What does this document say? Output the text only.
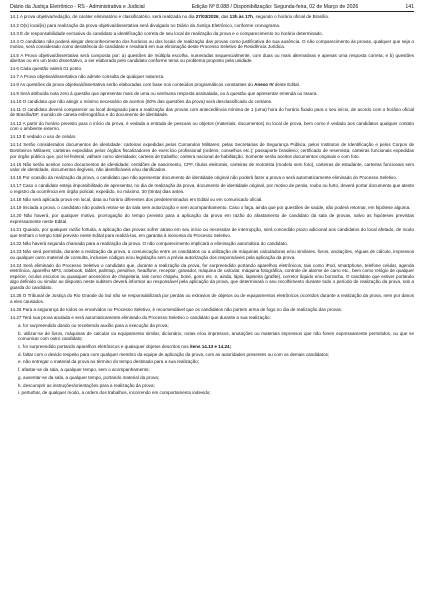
Diário da Justiça Eletrônico - RS - Administrativa e Judicial	Edição Nº 8.088 / Disponibilização: Segunda-feira, 02 de Março de 2026	141

14.1 A prova objetiva/redação, de caráter eliminatório e classificatório, será realizada no dia 27/03/2026, das 13h às 17h, segundo o horário oficial de Brasília.

14.2 O(s) local(is) para realização da prova objetiva/dissertativa será divulgado no Diário da Justiça Eletrônico, conforme cronograma.

14.3 É de responsabilidade exclusiva do candidato a identificação correta de seu local de realização da prova e o comparecimento no horário determinado.

14.4 O candidato não poderá alegar desconhecimento dos horários ou dos locais de realização das provas como justificativa de sua ausência. O não comparecimento às provas, qualquer que seja o motivo, será considerado como desistência do candidato e resultará em sua eliminação deste Processo Seletivo de Residência Jurídica.

14.5 A Prova objetiva/dissertativa será composta por: a) questões de múltipla escolha, numeradas sequencialmente, com duas ou mais alternativas e apenas uma resposta correta; e b) questões abertas ou em um texto dissertativo, a ser elaborado pelo candidato conforme tema ou problema proposto pela unidade.

14.6 Cada questão valerá 01 ponto.

14.7 A Prova objetiva/dissertativa não admite consulta de qualquer natureza.

14.8 As questões da prova objetiva/dissertativa serão elaboradas com base nos conteúdos programáticos constantes do Anexo IV deste Edital.

14.9 Será atribuída nota zero à questão que apresentar mais de uma ou nenhuma resposta assinalada, ou à questão que apresentar emenda ou rasura.

14.10 O candidato que não atingir o mínimo necessário de acertos (50% das questões da prova) será desclassificado do certame.

14.11 O candidato deverá comparecer ao local designado para a realização das provas com antecedência mínima de 1 (uma) hora do horário fixado para o seu início, de acordo com o horário oficial de Brasília/DF, munido de caneta esferográfica e do documento de identidade.

14.12 A partir do horário previsto para o início da prova, é vedada a entrada de pessoas ou objetos (materiais, documentos) no local de prova, bem como é vedado aos candidatos qualquer contato com o ambiente externo.

14.13 É vedado o uso de celular.

14.14 Serão considerados documentos de identidade: carteiras expedidas pelos Comandos Militares, pelas Secretarias de Segurança Pública, pelos Institutos de Identificação e pelos Corpos de Bombeiros Militares; carteiras expedidas pelos órgãos fiscalizadores de exercício profissional (ordens, conselhos etc.); passaporte brasileiro; certificado de reservista; carteiras funcionais expedidas por órgão público que, por lei federal, valham como identidade; carteira de trabalho; carteira nacional de habilitação. Somente serão aceitos documentos originais e com foto.

14.15 Não serão aceitos como documentos de identidade: certidões de nascimento, CPF, títulos eleitorais, carteiras de motorista (modelo sem foto), carteiras de estudante, carteiras funcionais sem valor de identidade, documentos ilegíveis, não identificáveis e/ou danificados.

14.16 Por ocasião da realização da prova, o candidato que não apresentar documento de identidade original não poderá fazer a prova e será automaticamente eliminado do Processo Seletivo.

14.17 Caso o candidato esteja impossibilitado de apresentar, no dia de realização da prova, documento de identidade original, por motivo de perda, roubo ou furto, deverá portar documento que ateste o registro da ocorrência em órgão policial, expedido, no máximo, 30 (trinta) dias antes.

14.18 Não será aplicada prova em local, data ou horário diferentes dos predeterminados em Edital ou em comunicado oficial.

14.19 Iniciada a prova, o candidato não poderá retirar-se da sala sem autorização e sem acompanhamento. Caso o faça, ainda que por questões de saúde, não poderá retornar, em hipótese alguma.

14.20 Não haverá, por qualquer motivo, prorrogação do tempo previsto para a aplicação da prova em razão do afastamento de candidato da sala de provas, salvo as hipóteses previstas expressamente neste Edital.

14.21 Quando, por qualquer razão fortuita, a aplicação das provas sofrer atraso em seu início ou necessitar de interrupção, será concedido prazo adicional aos candidatos do local afetado, de modo que tenham o tempo total previsto neste Edital para realizá-las, em garantia à isonomia do Processo Seletivo.

14.22 Não haverá segunda chamada para a realização da prova. O não comparecimento implicará a eliminação automática do candidato.

14.23 Não será permitida, durante a realização da prova, a comunicação entre os candidatos ou a utilização de máquinas calculadoras e/ou similares, livros, anotações, réguas de cálculo, impressos ou qualquer outro material de consulta, inclusive códigos e/ou legislação sem a prévia autorização dos responsáveis pela aplicação da prova.

14.24 Será eliminado do Processo Seletivo o candidato que, durante a realização da prova, for surpreendido portando aparelhos eletrônicos, tais como iPod, smartphone, telefone celular, agenda eletrônica, aparelho MP3, notebook, tablet, palmtop, pendrive, headfone, receptor, gravador, máquina de calcular, máquina fotográfica, controle de alarme de carro etc., bem como relógio de qualquer espécie, óculos escuros ou quaisquer acessórios de chapelaria, tais como chapéu, boné, gorro etc. e, ainda, lápis, lapiseira (grafite), corretor líquido e/ou borracha. O candidato que estiver portando algo definido ou similar ao disposto neste subitem deverá informar ao responsável pela aplicação da prova, que determinará o seu recolhimento durante todo o período de realização da prova, sob a guarda do candidato.

14.25 O Tribunal de Justiça do Rio Grande do Sul não se responsabilizará por perdas ou extravios de objetos ou de equipamentos eletrônicos ocorridos durante a realização da prova, nem por danos a eles causados.

14.26 Para a segurança de todos os envolvidos no Processo Seletivo, é recomendável que os candidatos não portem arma de fogo no dia de realização das provas.

14.27 Terá sua prova anulada e será automaticamente eliminado do Processo Seletivo o candidato que durante a sua realização:

a. for surpreendido dando ou recebendo auxílio para a execução da prova;

b. utilizar-se de livros, máquinas de calcular ou equipamento similar, dicionário, notas e/ou impressos, anotações ou materiais impressos que não forem expressamente permitidos, ou que se comunicar com outro candidato;

c. for surpreendido portando aparelhos eletrônicos e quaisquer objetos descritos nos itens 14.13 e 14.24;

d. faltar com o devido respeito para com qualquer membro da equipe de aplicação da prova, com as autoridades presentes ou com os demais candidatos;

e. não entregar o material da prova ao término do tempo destinado para a sua realização;

f. afastar-se da sala, a qualquer tempo, sem o acompanhamento;

g. ausentar-se da sala, a qualquer tempo, portando material da prova;

h. descumprir as instruções/orientações para a realização da prova;

i. perturbar, de qualquer modo, a ordem dos trabalhos, incorrendo em comportamento indevido;
